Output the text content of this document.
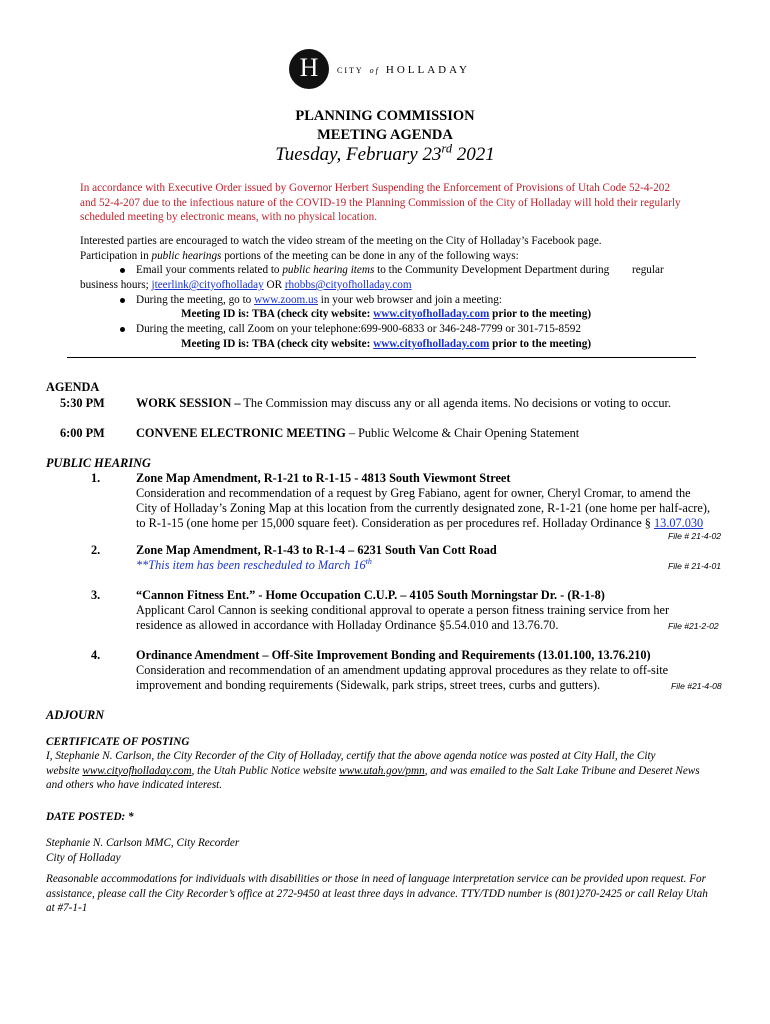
H	CITY of HOLLADAY
PLANNING COMMISSION
MEETING AGENDA
Tuesday, February 23rd 2021
In accordance with Executive Order issued by Governor Herbert Suspending the Enforcement of Provisions of Utah Code 52-4-202
and 52-4-207 due to the infectious nature of the COVID-19 the Planning Commission of the City of Holladay will hold their regularly
scheduled meeting by electronic means, with no physical location.
Interested parties are encouraged to watch the video stream of the meeting on the City of Holladay’s Facebook page.
Participation in public hearings portions of the meeting can be done in any of the following ways:
Email your comments related to public hearing items to the Community Development Department during regular
business hours; jteerlink@cityofholladay OR rhobbs@cityofholladay.com
During the meeting, go to www.zoom.us in your web browser and join a meeting:
Meeting ID is: TBA (check city website: www.cityofholladay.com prior to the meeting)
During the meeting, call Zoom on your telephone:699-900-6833 or 346-248-7799 or 301-715-8592
Meeting ID is: TBA (check city website: www.cityofholladay.com prior to the meeting)
AGENDA
5:30 PM	WORK SESSION – The Commission may discuss any or all agenda items. No decisions or voting to occur.
6:00 PM	CONVENE ELECTRONIC MEETING – Public Welcome & Chair Opening Statement
PUBLIC HEARING
1.	Zone Map Amendment, R-1-21 to R-1-15 - 4813 South Viewmont Street
Consideration and recommendation of a request by Greg Fabiano, agent for owner, Cheryl Cromar, to amend the
City of Holladay’s Zoning Map at this location from the currently designated zone, R-1-21 (one home per half-acre),
to R-1-15 (one home per 15,000 square feet). Consideration as per procedures ref. Holladay Ordinance § 13.07.030
File # 21-4-02
2.	Zone Map Amendment, R-1-43 to R-1-4 – 6231 South Van Cott Road
**This item has been rescheduled to March 16th	File # 21-4-01
3.	“Cannon Fitness Ent.” - Home Occupation C.U.P. – 4105 South Morningstar Dr. - (R-1-8)
Applicant Carol Cannon is seeking conditional approval to operate a person fitness training service from her
residence as allowed in accordance with Holladay Ordinance §5.54.010 and 13.76.70.	File #21-2-02
4.	Ordinance Amendment – Off-Site Improvement Bonding and Requirements (13.01.100, 13.76.210)
Consideration and recommendation of an amendment updating approval procedures as they relate to off-site
improvement and bonding requirements (Sidewalk, park strips, street trees, curbs and gutters).	File #21-4-08
ADJOURN
CERTIFICATE OF POSTING
I, Stephanie N. Carlson, the City Recorder of the City of Holladay, certify that the above agenda notice was posted at City Hall, the City
website www.cityofholladay.com, the Utah Public Notice website www.utah.gov/pmn, and was emailed to the Salt Lake Tribune and Deseret News
and others who have indicated interest.
DATE POSTED: *
Stephanie N. Carlson MMC, City Recorder
City of Holladay
Reasonable accommodations for individuals with disabilities or those in need of language interpretation service can be provided upon request. For
assistance, please call the City Recorder’s office at 272-9450 at least three days in advance. TTY/TDD number is (801)270-2425 or call Relay Utah
at #7-1-1
